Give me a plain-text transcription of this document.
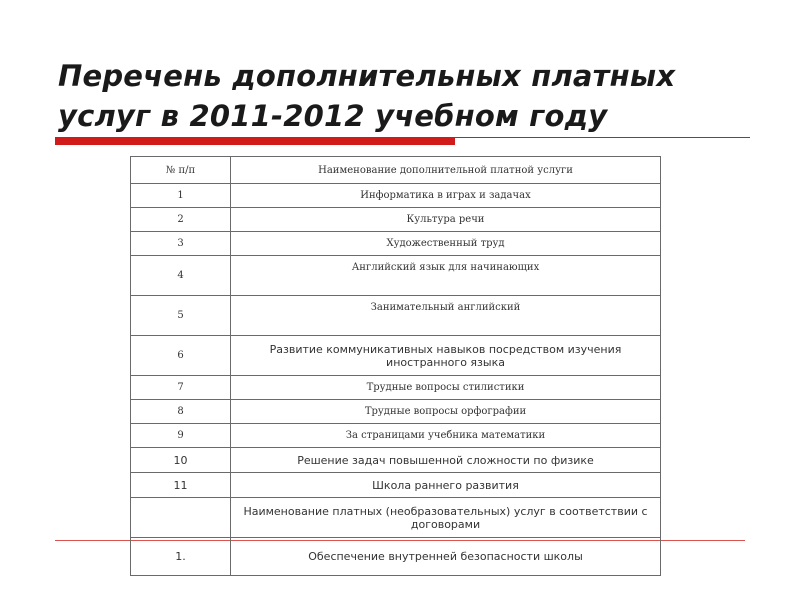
Перечень дополнительных платных услуг в 2011-2012 учебном году
№ п/п	Наименование дополнительной платной услуги
1	Информатика в играх и задачах
2	Культура речи
3	Художественный труд
4	Английский язык для начинающих
5	Занимательный английский
6	Развитие коммуникативных навыков посредством изучения иностранного языка
7	Трудные вопросы стилистики
8	Трудные вопросы орфографии
9	За страницами учебника математики
10	Решение задач повышенной сложности по физике
11	Школа раннего развития
	Наименование платных (необразовательных) услуг в соответствии с договорами
1.	Обеспечение внутренней безопасности школы
